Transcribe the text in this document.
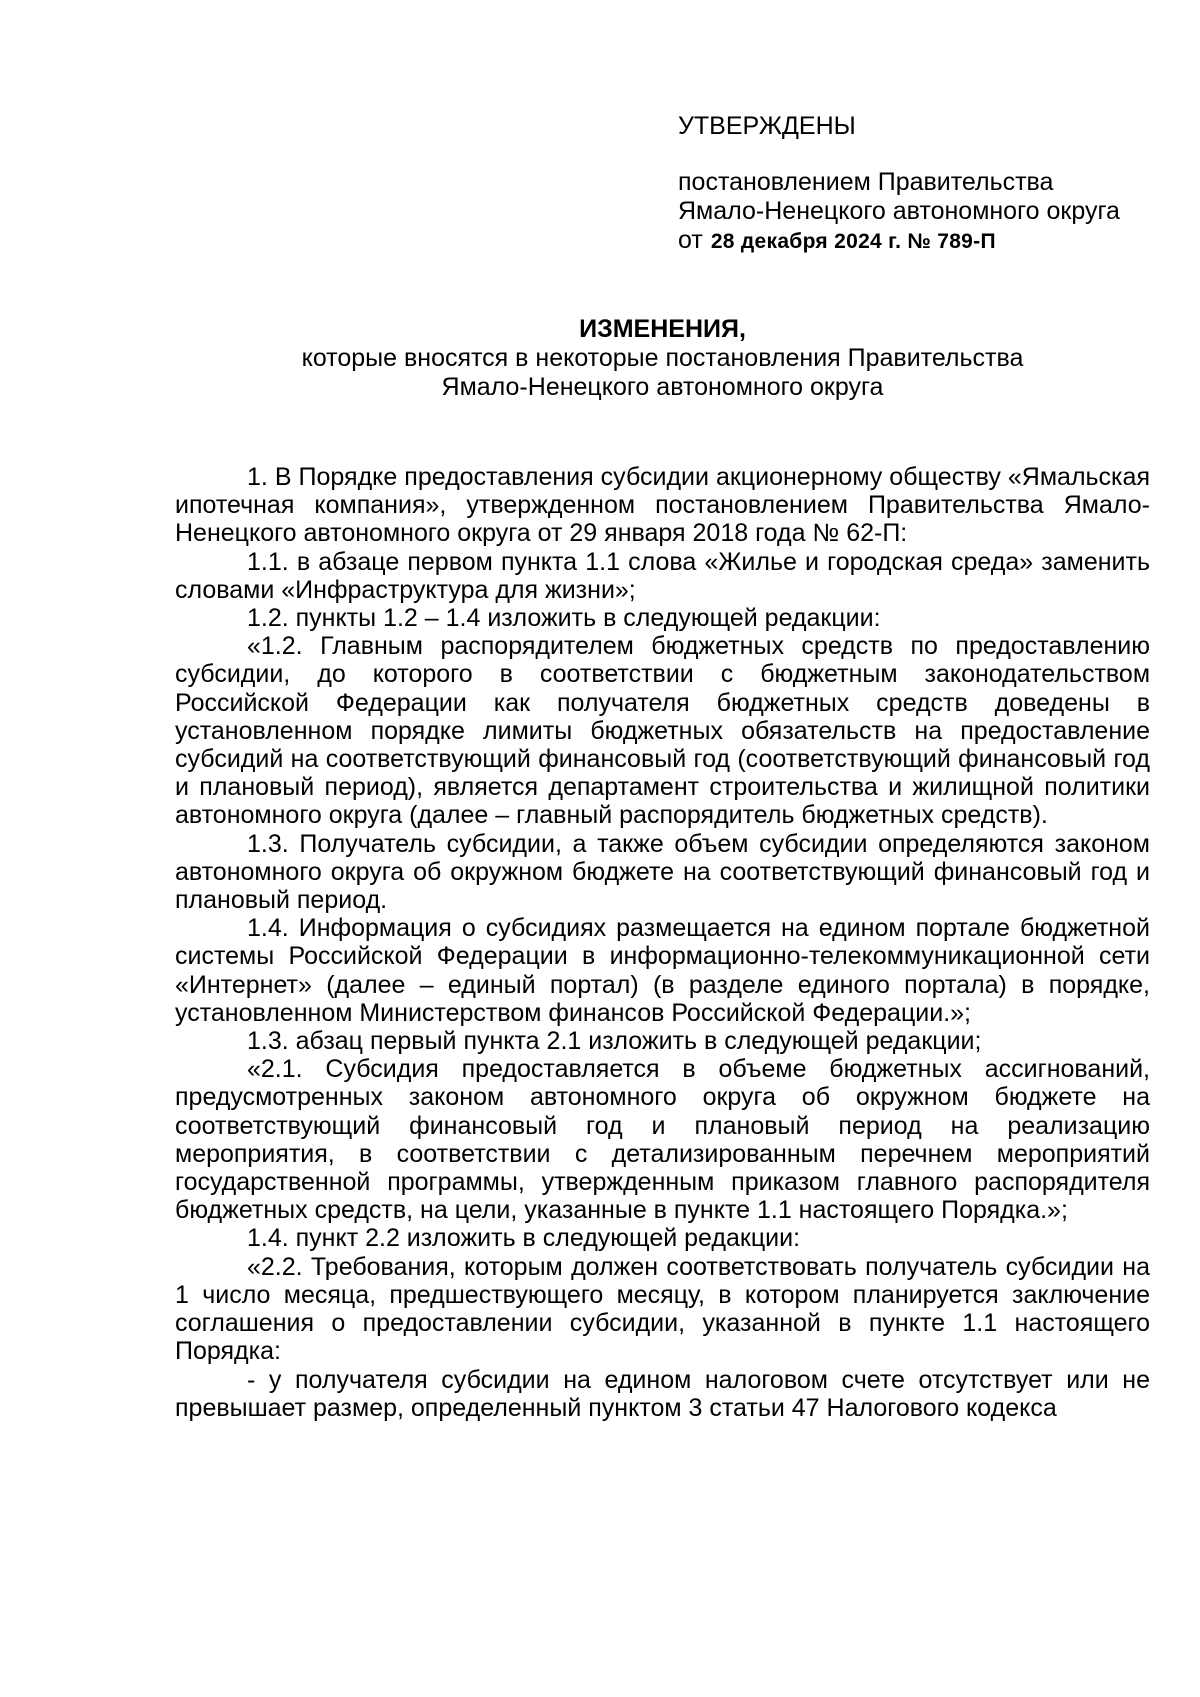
УТВЕРЖДЕНЫ
постановлением Правительства
Ямало-Ненецкого автономного округа
от 28 декабря 2024 г. № 789-П
ИЗМЕНЕНИЯ,
которые вносятся в некоторые постановления Правительства
Ямало-Ненецкого автономного округа

1. В Порядке предоставления субсидии акционерному обществу «Ямальская ипотечная компания», утвержденном постановлением Правительства Ямало-Ненецкого автономного округа от 29 января 2018 года № 62-П:

1.1. в абзаце первом пункта 1.1 слова «Жилье и городская среда» заменить словами «Инфраструктура для жизни»;

1.2. пункты 1.2 – 1.4 изложить в следующей редакции:

«1.2. Главным распорядителем бюджетных средств по предоставлению субсидии, до которого в соответствии с бюджетным законодательством Российской Федерации как получателя бюджетных средств доведены в установленном порядке лимиты бюджетных обязательств на предоставление субсидий на соответствующий финансовый год (соответствующий финансовый год и плановый период), является департамент строительства и жилищной политики автономного округа (далее – главный распорядитель бюджетных средств).

1.3. Получатель субсидии, а также объем субсидии определяются законом автономного округа об окружном бюджете на соответствующий финансовый год и плановый период.

1.4. Информация о субсидиях размещается на едином портале бюджетной системы Российской Федерации в информационно-телекоммуникационной сети «Интернет» (далее – единый портал) (в разделе единого портала) в порядке, установленном Министерством финансов Российской Федерации.»;

1.3. абзац первый пункта 2.1 изложить в следующей редакции;

«2.1. Субсидия предоставляется в объеме бюджетных ассигнований, предусмотренных законом автономного округа об окружном бюджете на соответствующий финансовый год и плановый период на реализацию мероприятия, в соответствии с детализированным перечнем мероприятий государственной программы, утвержденным приказом главного распорядителя бюджетных средств, на цели, указанные в пункте 1.1 настоящего Порядка.»;

1.4. пункт 2.2 изложить в следующей редакции:

«2.2. Требования, которым должен соответствовать получатель субсидии на 1 число месяца, предшествующего месяцу, в котором планируется заключение соглашения о предоставлении субсидии, указанной в пункте 1.1 настоящего Порядка:

- у получателя субсидии на едином налоговом счете отсутствует или не превышает размер, определенный пунктом 3 статьи 47 Налогового кодекса
